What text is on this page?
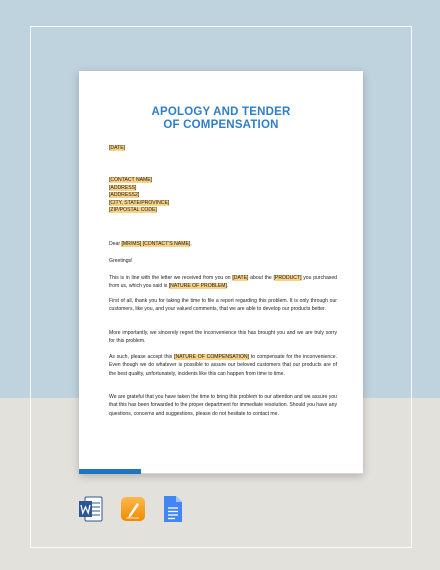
APOLOGY AND TENDER
OF COMPENSATION
[DATE]
[CONTACT NAME]
[ADDRESS]
[ADDRESS2]
[CITY, STATE/PROVINCE]
[ZIP/POSTAL CODE]
Dear [MR/MS] [CONTACT'S NAME],
Greetings!
This is in line with the letter we received from you on [DATE] about the [PRODUCT] you purchased from us, which you said is [NATURE OF PROBLEM].
First of all, thank you for taking the time to file a report regarding this problem. It is only through our customers, like you, and your valued comments, that we are able to develop our products better.
More importantly, we sincerely regret the inconvenience this has brought you and we are truly sorry for this problem.
As such, please accept this [NATURE OF COMPENSATION] to compensate for the inconvenience. Even though we do whatever is possible to assure our beloved customers that our products are of the best quality, unfortunately, incidents like this can happen from time to time.
We are grateful that you have taken the time to bring this problem to our attention and we assure you that this has been forwarded to the proper department for immediate resolution. Should you have any questions, concerns and suggestions, please do not hesitate to contact me.
